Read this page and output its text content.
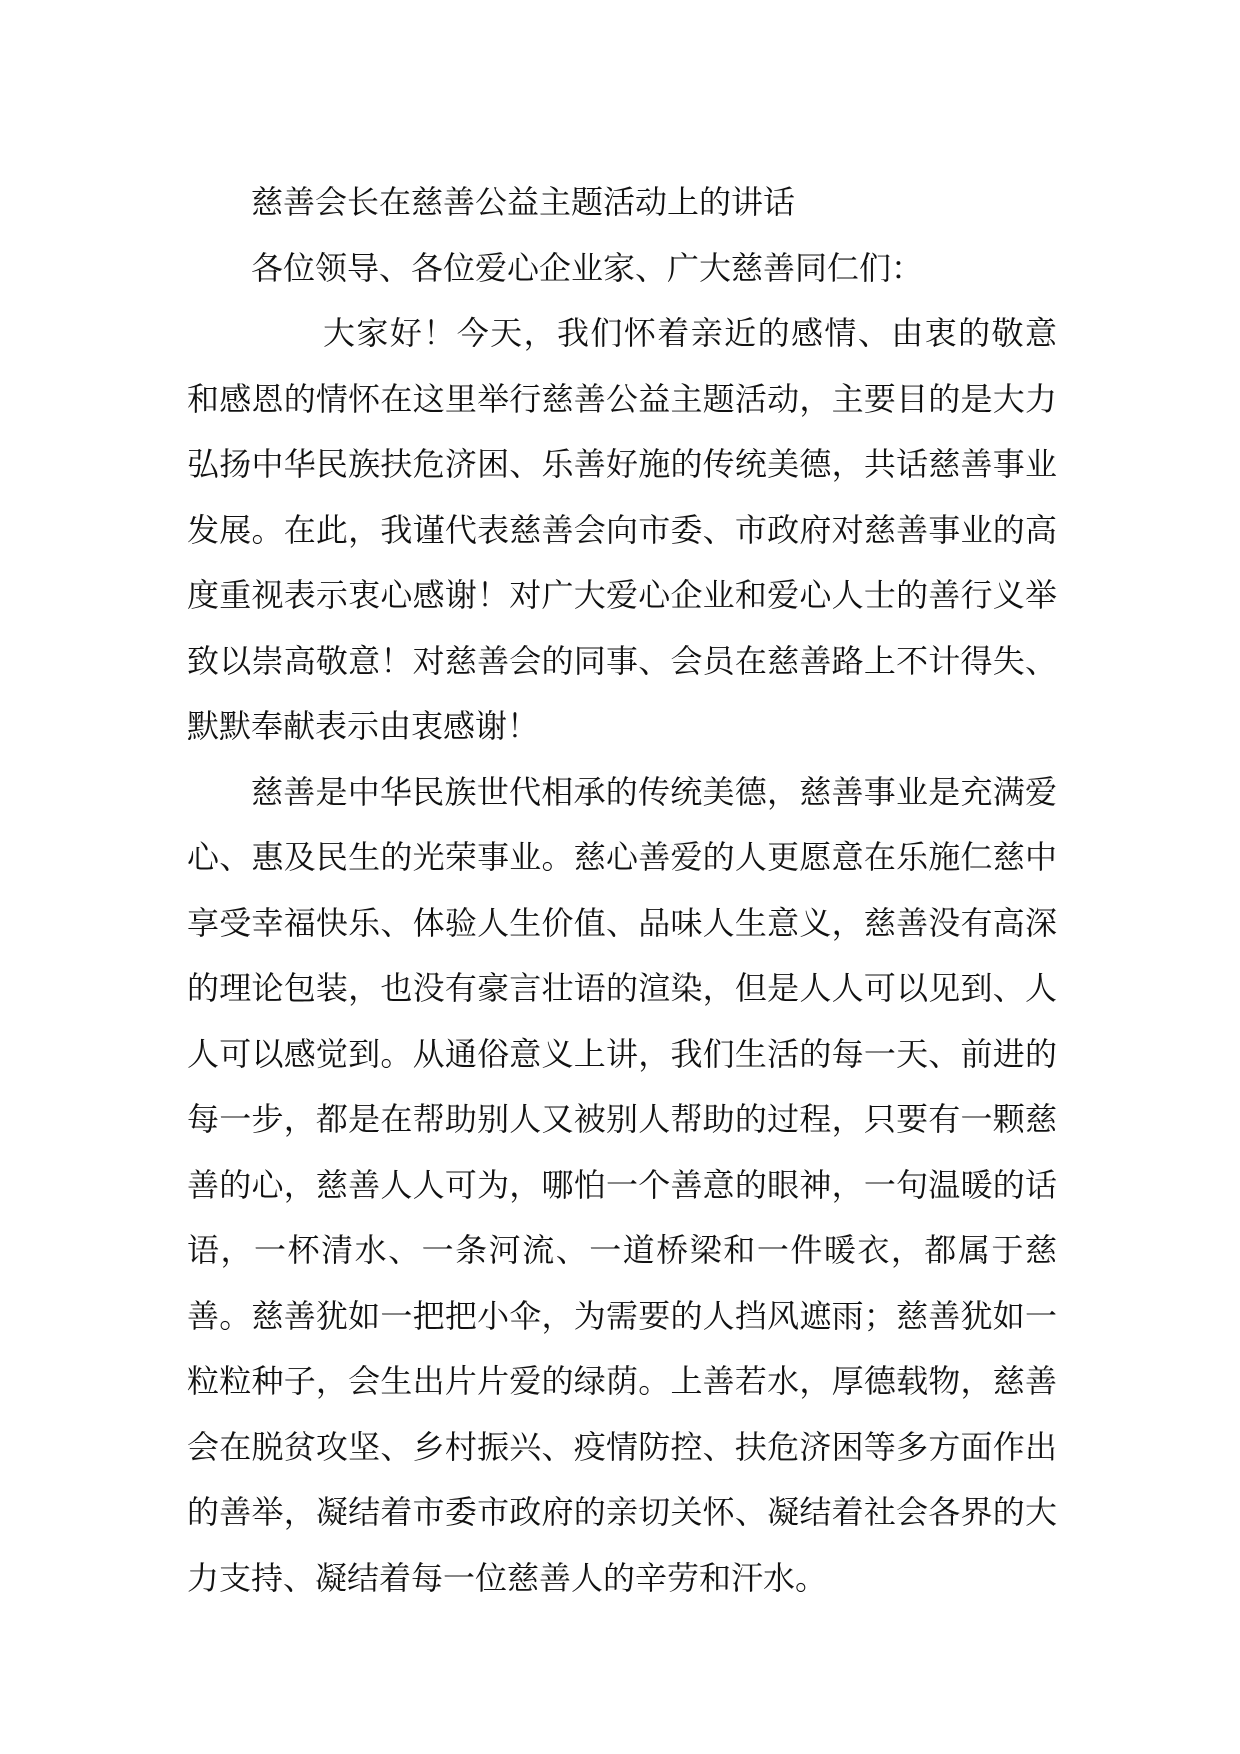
慈善会长在慈善公益主题活动上的讲话

各位领导、各位爱心企业家、广大慈善同仁们：

大家好！今天，我们怀着亲近的感情、由衷的敬意和感恩的情怀在这里举行慈善公益主题活动，主要目的是大力弘扬中华民族扶危济困、乐善好施的传统美德，共话慈善事业发展。在此，我谨代表慈善会向市委、市政府对慈善事业的高度重视表示衷心感谢！对广大爱心企业和爱心人士的善行义举致以崇高敬意！对慈善会的同事、会员在慈善路上不计得失、默默奉献表示由衷感谢！

慈善是中华民族世代相承的传统美德，慈善事业是充满爱心、惠及民生的光荣事业。慈心善爱的人更愿意在乐施仁慈中享受幸福快乐、体验人生价值、品味人生意义，慈善没有高深的理论包装，也没有豪言壮语的渲染，但是人人可以见到、人人可以感觉到。从通俗意义上讲，我们生活的每一天、前进的每一步，都是在帮助别人又被别人帮助的过程，只要有一颗慈善的心，慈善人人可为，哪怕一个善意的眼神，一句温暖的话语，一杯清水、一条河流、一道桥梁和一件暖衣，都属于慈善。慈善犹如一把把小伞，为需要的人挡风遮雨；慈善犹如一粒粒种子，会生出片片爱的绿荫。上善若水，厚德载物，慈善会在脱贫攻坚、乡村振兴、疫情防控、扶危济困等多方面作出的善举，凝结着市委市政府的亲切关怀、凝结着社会各界的大力支持、凝结着每一位慈善人的辛劳和汗水。
